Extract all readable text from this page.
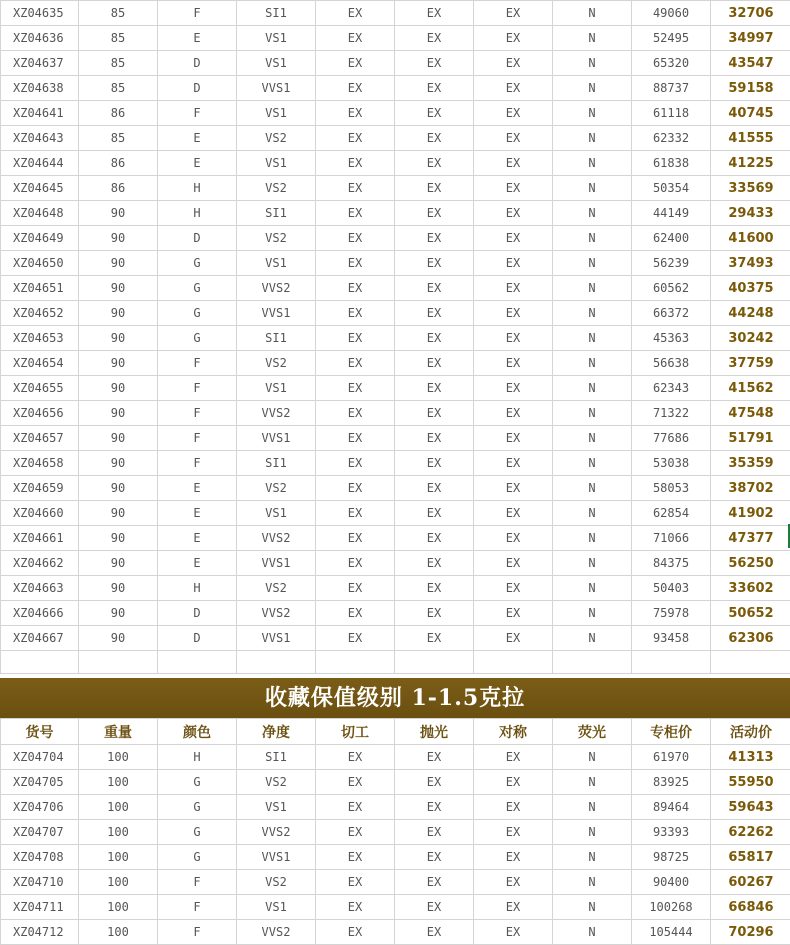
XZ04635	85	F	SI1	EX	EX	EX	N	49060	32706
XZ04636	85	E	VS1	EX	EX	EX	N	52495	34997
XZ04637	85	D	VS1	EX	EX	EX	N	65320	43547
XZ04638	85	D	VVS1	EX	EX	EX	N	88737	59158
XZ04641	86	F	VS1	EX	EX	EX	N	61118	40745
XZ04643	85	E	VS2	EX	EX	EX	N	62332	41555
XZ04644	86	E	VS1	EX	EX	EX	N	61838	41225
XZ04645	86	H	VS2	EX	EX	EX	N	50354	33569
XZ04648	90	H	SI1	EX	EX	EX	N	44149	29433
XZ04649	90	D	VS2	EX	EX	EX	N	62400	41600
XZ04650	90	G	VS1	EX	EX	EX	N	56239	37493
XZ04651	90	G	VVS2	EX	EX	EX	N	60562	40375
XZ04652	90	G	VVS1	EX	EX	EX	N	66372	44248
XZ04653	90	G	SI1	EX	EX	EX	N	45363	30242
XZ04654	90	F	VS2	EX	EX	EX	N	56638	37759
XZ04655	90	F	VS1	EX	EX	EX	N	62343	41562
XZ04656	90	F	VVS2	EX	EX	EX	N	71322	47548
XZ04657	90	F	VVS1	EX	EX	EX	N	77686	51791
XZ04658	90	F	SI1	EX	EX	EX	N	53038	35359
XZ04659	90	E	VS2	EX	EX	EX	N	58053	38702
XZ04660	90	E	VS1	EX	EX	EX	N	62854	41902
XZ04661	90	E	VVS2	EX	EX	EX	N	71066	47377
XZ04662	90	E	VVS1	EX	EX	EX	N	84375	56250
XZ04663	90	H	VS2	EX	EX	EX	N	50403	33602
XZ04666	90	D	VVS2	EX	EX	EX	N	75978	50652
XZ04667	90	D	VVS1	EX	EX	EX	N	93458	62306

收藏保值级别 1-1.5克拉
货号	重量	颜色	净度	切工	抛光	对称	荧光	专柜价	活动价
XZ04704	100	H	SI1	EX	EX	EX	N	61970	41313
XZ04705	100	G	VS2	EX	EX	EX	N	83925	55950
XZ04706	100	G	VS1	EX	EX	EX	N	89464	59643
XZ04707	100	G	VVS2	EX	EX	EX	N	93393	62262
XZ04708	100	G	VVS1	EX	EX	EX	N	98725	65817
XZ04710	100	F	VS2	EX	EX	EX	N	90400	60267
XZ04711	100	F	VS1	EX	EX	EX	N	100268	66846
XZ04712	100	F	VVS2	EX	EX	EX	N	105444	70296
